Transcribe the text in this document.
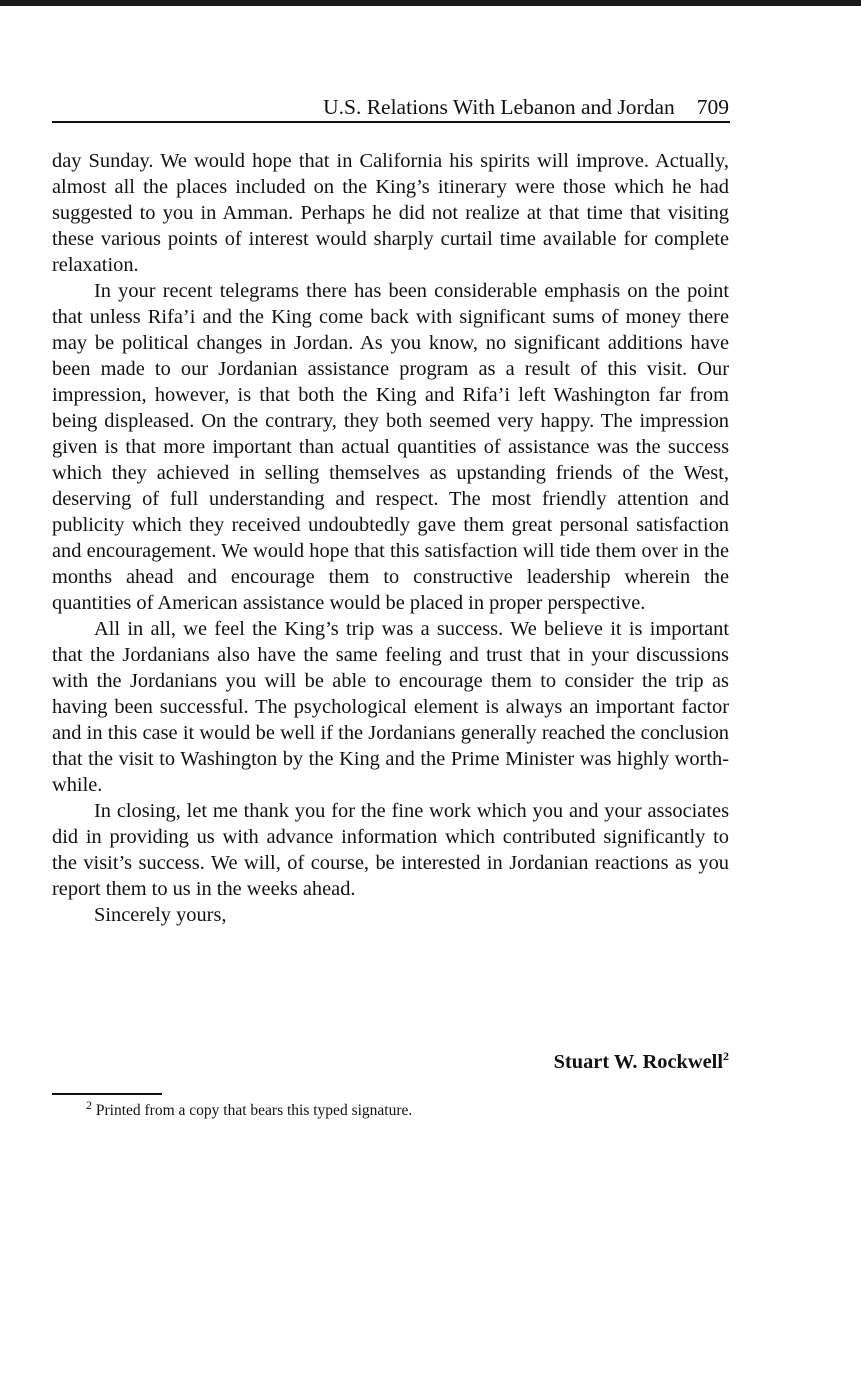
U.S. Relations With Lebanon and Jordan 709

day Sunday. We would hope that in California his spirits will improve. Actually, almost all the places included on the King’s itinerary were those which he had suggested to you in Amman. Perhaps he did not realize at that time that visiting these various points of interest would sharply curtail time available for complete relaxation.

In your recent telegrams there has been considerable emphasis on the point that unless Rifa’i and the King come back with significant sums of money there may be political changes in Jordan. As you know, no significant additions have been made to our Jordanian assistance program as a result of this visit. Our impression, however, is that both the King and Rifa’i left Washington far from being displeased. On the contrary, they both seemed very happy. The impression given is that more important than actual quantities of assistance was the success which they achieved in selling themselves as upstanding friends of the West, deserving of full understanding and respect. The most friendly attention and publicity which they received undoubtedly gave them great personal satisfaction and encouragement. We would hope that this satisfaction will tide them over in the months ahead and encourage them to constructive leadership wherein the quantities of American assistance would be placed in proper perspective.

All in all, we feel the King’s trip was a success. We believe it is important that the Jordanians also have the same feeling and trust that in your discussions with the Jordanians you will be able to encourage them to consider the trip as having been successful. The psychological element is always an important factor and in this case it would be well if the Jordanians generally reached the conclusion that the visit to Washington by the King and the Prime Minister was highly worthwhile.

In closing, let me thank you for the fine work which you and your associates did in providing us with advance information which contributed significantly to the visit’s success. We will, of course, be interested in Jordanian reactions as you report them to us in the weeks ahead.

Sincerely yours,

Stuart W. Rockwell$^2$
$^2$ Printed from a copy that bears this typed signature.
